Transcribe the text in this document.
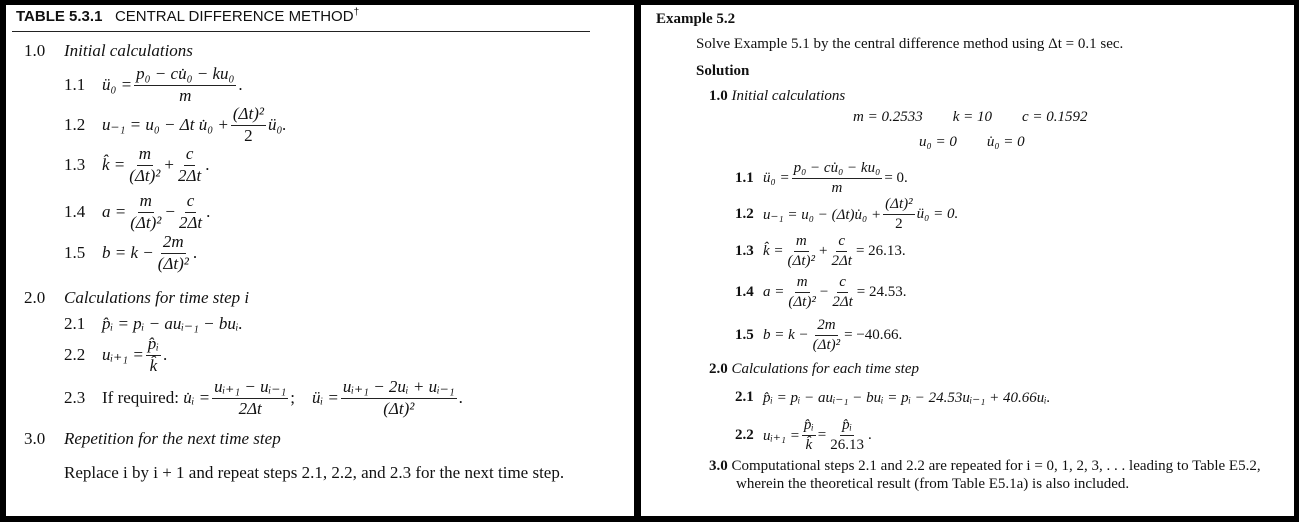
TABLE 5.3.1 CENTRAL DIFFERENCE METHOD†
1.0 Initial calculations
1.1 ü₀ = $\frac{\text{p₀ − cu̇₀ − ku₀}}{m}$ .
1.2 u₋₁ = u₀ − Δt u̇₀ + $\frac{\text{(Δt)²}}{2}$ ü₀.
1.3 k̂ = $\frac{m}{\text{(Δt)²}} + \frac{c}{2\Delta t}$ .
1.4 $a = \frac{m}{\text{(Δt)²}} - \frac{c}{2\Delta t}$ .
1.5 $b = k - \frac{2m}{\text{(Δt)²}}$ .
2.0 Calculations for time step i
2.1 p̂ᵢ = pᵢ − auᵢ₋₁ − buᵢ.
2.2 uᵢ₊₁ = $\frac{\text{p̂ᵢ}}{k̂}$ .
2.3 If required:
u̇ᵢ = $\frac{\text{uᵢ₊₁ − uᵢ₋₁}}{2\Delta t}$ ;
üᵢ = $\frac{\text{uᵢ₊₁ − 2uᵢ + uᵢ₋₁}}{\text{(Δt)²}}$ .
3.0 Repetition for the next time step
Replace i by i + 1 and repeat steps 2.1, 2.2, and 2.3 for the next time step.
Example 5.2
Solve Example 5.1 by the central difference method using Δt = 0.1 sec.
Solution
1.0 Initial calculations
m = 0.2533 k = 10 c = 0.1592
u₀ = 0 u̇₀ = 0
1.1 ü₀ = $\frac{\text{p₀ − cu̇₀ − ku₀}}{m} = 0$.
1.2 u₋₁ = u₀ − (Δt)u̇₀ + $\frac{\text{(Δt)²}}{2}$ ü₀ = 0.
1.3 k̂ = $\frac{m}{\text{(Δt)²}} + \frac{c}{2\Delta t} = 26.13$.
1.4 $a = \frac{m}{\text{(Δt)²}} - \frac{c}{2\Delta t} = 24.53$.
1.5 $b = k - \frac{2m}{\text{(Δt)²}} = -40.66$.
2.0 Calculations for each time step
2.1 p̂ᵢ = pᵢ − auᵢ₋₁ − buᵢ = pᵢ − 24.53uᵢ₋₁ + 40.66uᵢ.
2.2 uᵢ₊₁ = $\frac{\text{p̂ᵢ}}{k̂} = \frac{\text{p̂ᵢ}}{26.13}$ .
3.0 Computational steps 2.1 and 2.2 are repeated for i = 0, 1, 2, 3, . . . leading to Table E5.2,
wherein the theoretical result (from Table E5.1a) is also included.
